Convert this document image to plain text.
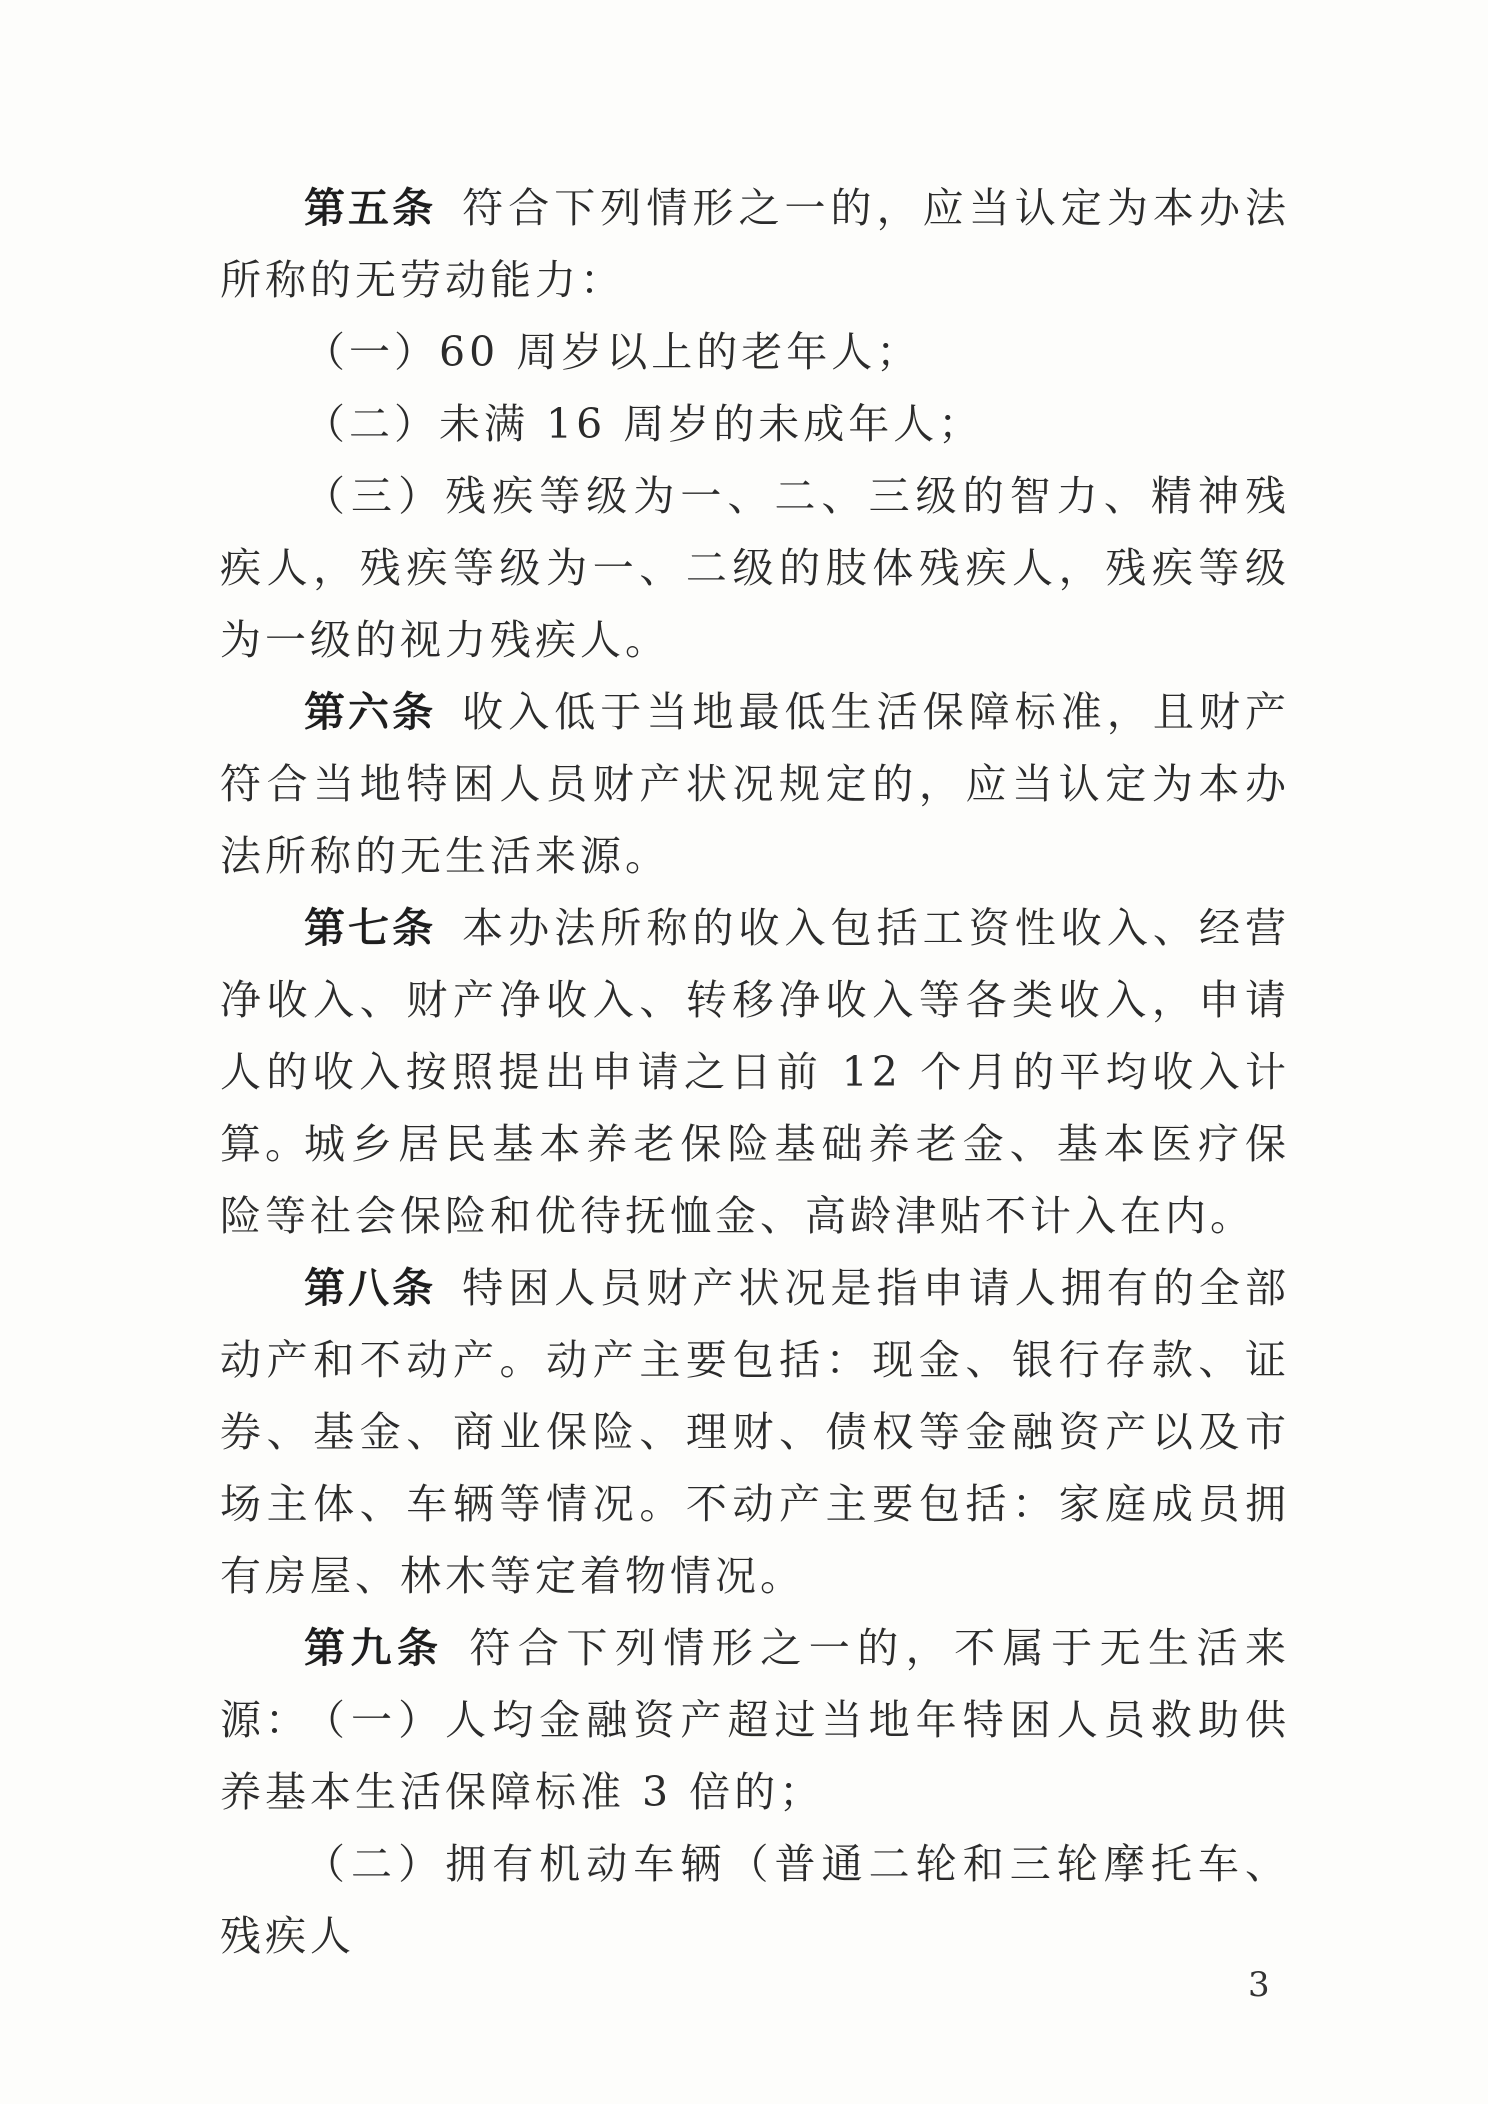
第五条 符合下列情形之一的，应当认定为本办法所称的无劳动能力：

（一）60 周岁以上的老年人；

（二）未满 16 周岁的未成年人；

（三）残疾等级为一、二、三级的智力、精神残疾人，残疾等级为一、二级的肢体残疾人，残疾等级为一级的视力残疾人。

第六条 收入低于当地最低生活保障标准，且财产符合当地特困人员财产状况规定的，应当认定为本办法所称的无生活来源。

第七条 本办法所称的收入包括工资性收入、经营净收入、财产净收入、转移净收入等各类收入，申请人的收入按照提出申请之日前 12 个月的平均收入计算。

城乡居民基本养老保险基础养老金、基本医疗保险等社会保险和优待抚恤金、高龄津贴不计入在内。

第八条 特困人员财产状况是指申请人拥有的全部动产和不动产。动产主要包括：现金、银行存款、证券、基金、商业保险、理财、债权等金融资产以及市场主体、车辆等情况。不动产主要包括：家庭成员拥有房屋、林木等定着物情况。

第九条 符合下列情形之一的，不属于无生活来源：

（一）人均金融资产超过当地年特困人员救助供养基本生活保障标准 3 倍的；

（二）拥有机动车辆（普通二轮和三轮摩托车、残疾人

3
